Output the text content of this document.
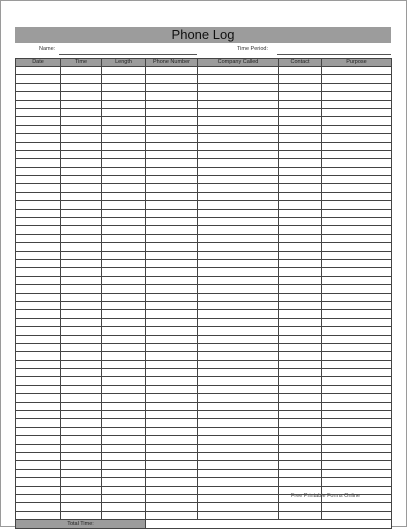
Phone Log
Name:	Time Period:
Date	Time	Length	Phone Number	Company Called	Contact	Purpose

Total Time:						
Free Printable Forms Online
